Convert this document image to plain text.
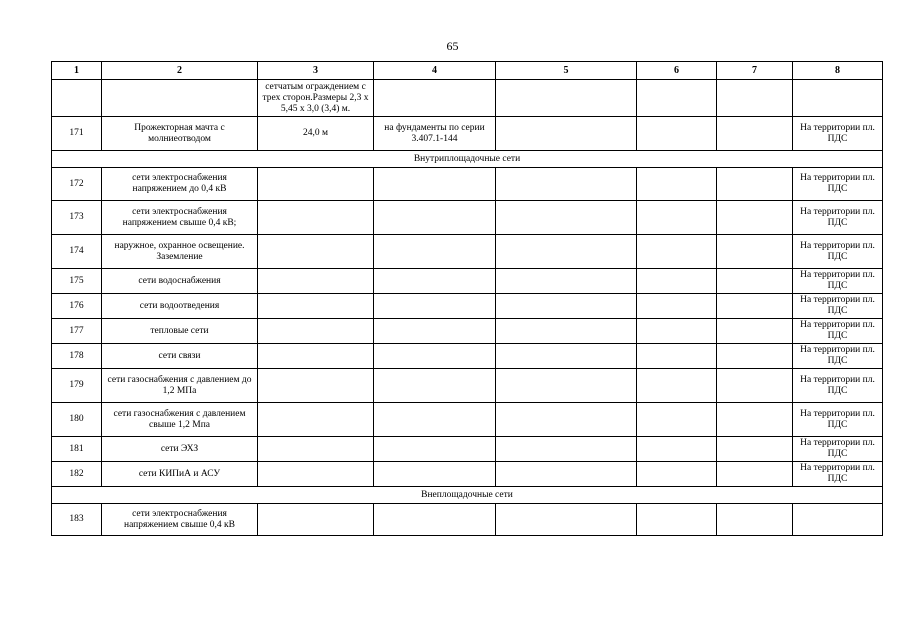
65
1	2	3	4	5	6	7	8
		сетчатым ограждением с трех сторон.Размеры 2,3 х 5,45 х 3,0 (3,4) м.					
171	Прожекторная мачта с молниеотводом	24,0 м	на фундаменты по серии 3.407.1-144				На территории пл. ПДС
Внутриплощадочные сети							
172	сети электроснабжения напряжением до 0,4 кВ						На территории пл. ПДС
173	сети электроснабжения напряжением свыше 0,4 кВ;						На территории пл. ПДС
174	наружное, охранное освещение. Заземление						На территории пл. ПДС
175	сети водоснабжения						На территории пл. ПДС
176	сети водоотведения						На территории пл. ПДС
177	тепловые сети						На территории пл. ПДС
178	сети связи						На территории пл. ПДС
179	сети газоснабжения с давлением до 1,2 МПа						На территории пл. ПДС
180	сети газоснабжения с давлением свыше 1,2 Мпа						На территории пл. ПДС
181	сети ЭХЗ						На территории пл. ПДС
182	сети КИПиА и АСУ						На территории пл. ПДС
Внеплощадочные сети							
183	сети электроснабжения напряжением свыше 0,4 кВ						
